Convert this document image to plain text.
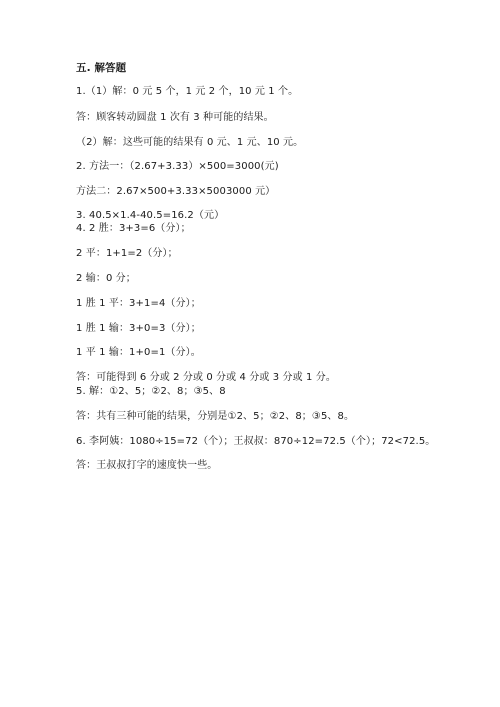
五. 解答题
1.（1）解：0 元 5 个，1 元 2 个，10 元 1 个。
答：顾客转动圆盘 1 次有 3 种可能的结果。
（2）解：这些可能的结果有 0 元、1 元、10 元。
2. 方法一：（2.67+3.33）×500=3000(元)
方法二：2.67×500+3.33×5003000 元）
3. 40.5×1.4-40.5=16.2（元）
4. 2 胜：3+3=6（分）；
2 平：1+1=2（分）；
2 输：0 分；
1 胜 1 平：3+1=4（分）；
1 胜 1 输：3+0=3（分）；
1 平 1 输：1+0=1（分）。
答：可能得到 6 分或 2 分或 0 分或 4 分或 3 分或 1 分。
5. 解：①2、5；②2、8；③5、8
答：共有三种可能的结果，分别是①2、5；②2、8；③5、8。
6. 李阿姨：1080÷15=72（个）；王叔叔：870÷12=72.5（个）；72<72.5。
答：王叔叔打字的速度快一些。
